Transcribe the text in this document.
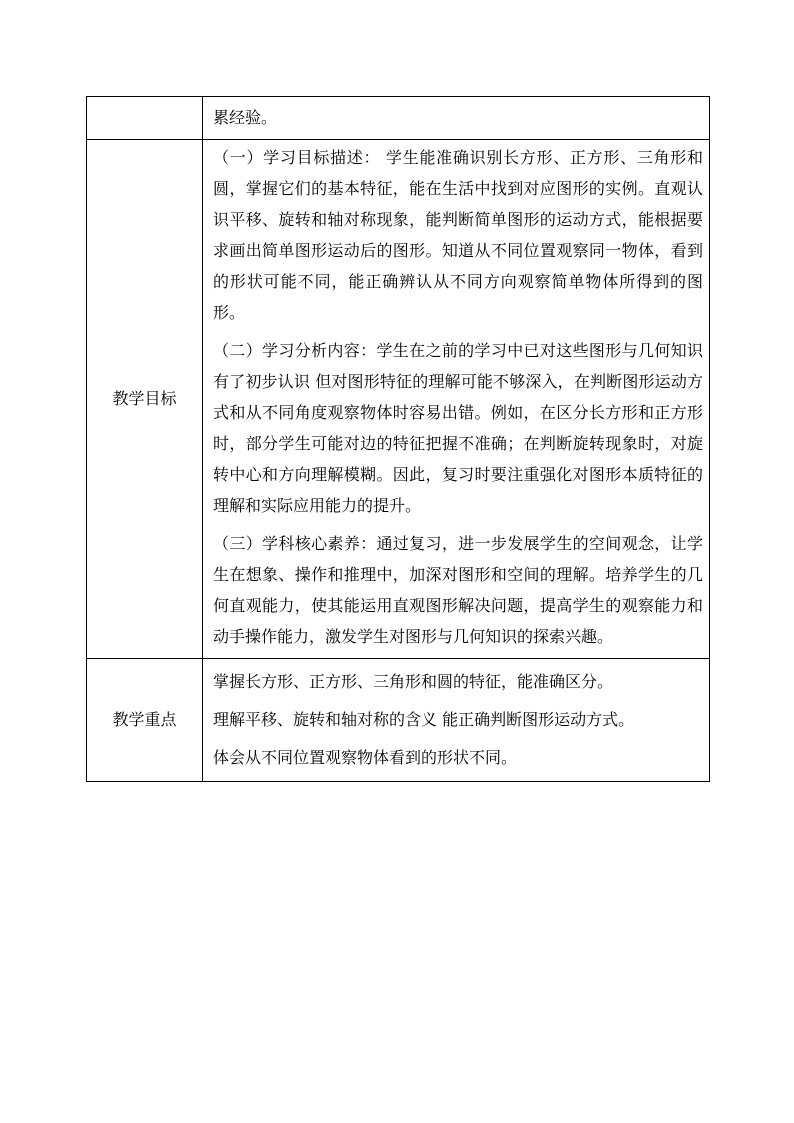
	累经验。

教学目标	（一）学习目标描述： 学生能准确识别长方形、正方形、三角形和圆，掌握它们的基本特征，能在生活中找到对应图形的实例。直观认识平移、旋转和轴对称现象，能判断简单图形的运动方式，能根据要求画出简单图形运动后的图形。知道从不同位置观察同一物体，看到的形状可能不同，能正确辨认从不同方向观察简单物体所得到的图形。

（二）学习分析内容：学生在之前的学习中已对这些图形与几何知识有了初步认识 但对图形特征的理解可能不够深入，在判断图形运动方式和从不同角度观察物体时容易出错。例如，在区分长方形和正方形时，部分学生可能对边的特征把握不准确；在判断旋转现象时，对旋转中心和方向理解模糊。因此，复习时要注重强化对图形本质特征的理解和实际应用能力的提升。

（三）学科核心素养：通过复习，进一步发展学生的空间观念，让学生在想象、操作和推理中，加深对图形和空间的理解。培养学生的几何直观能力，使其能运用直观图形解决问题，提高学生的观察能力和动手操作能力，激发学生对图形与几何知识的探索兴趣。

教学重点	掌握长方形、正方形、三角形和圆的特征，能准确区分。

理解平移、旋转和轴对称的含义 能正确判断图形运动方式。

体会从不同位置观察物体看到的形状不同。
